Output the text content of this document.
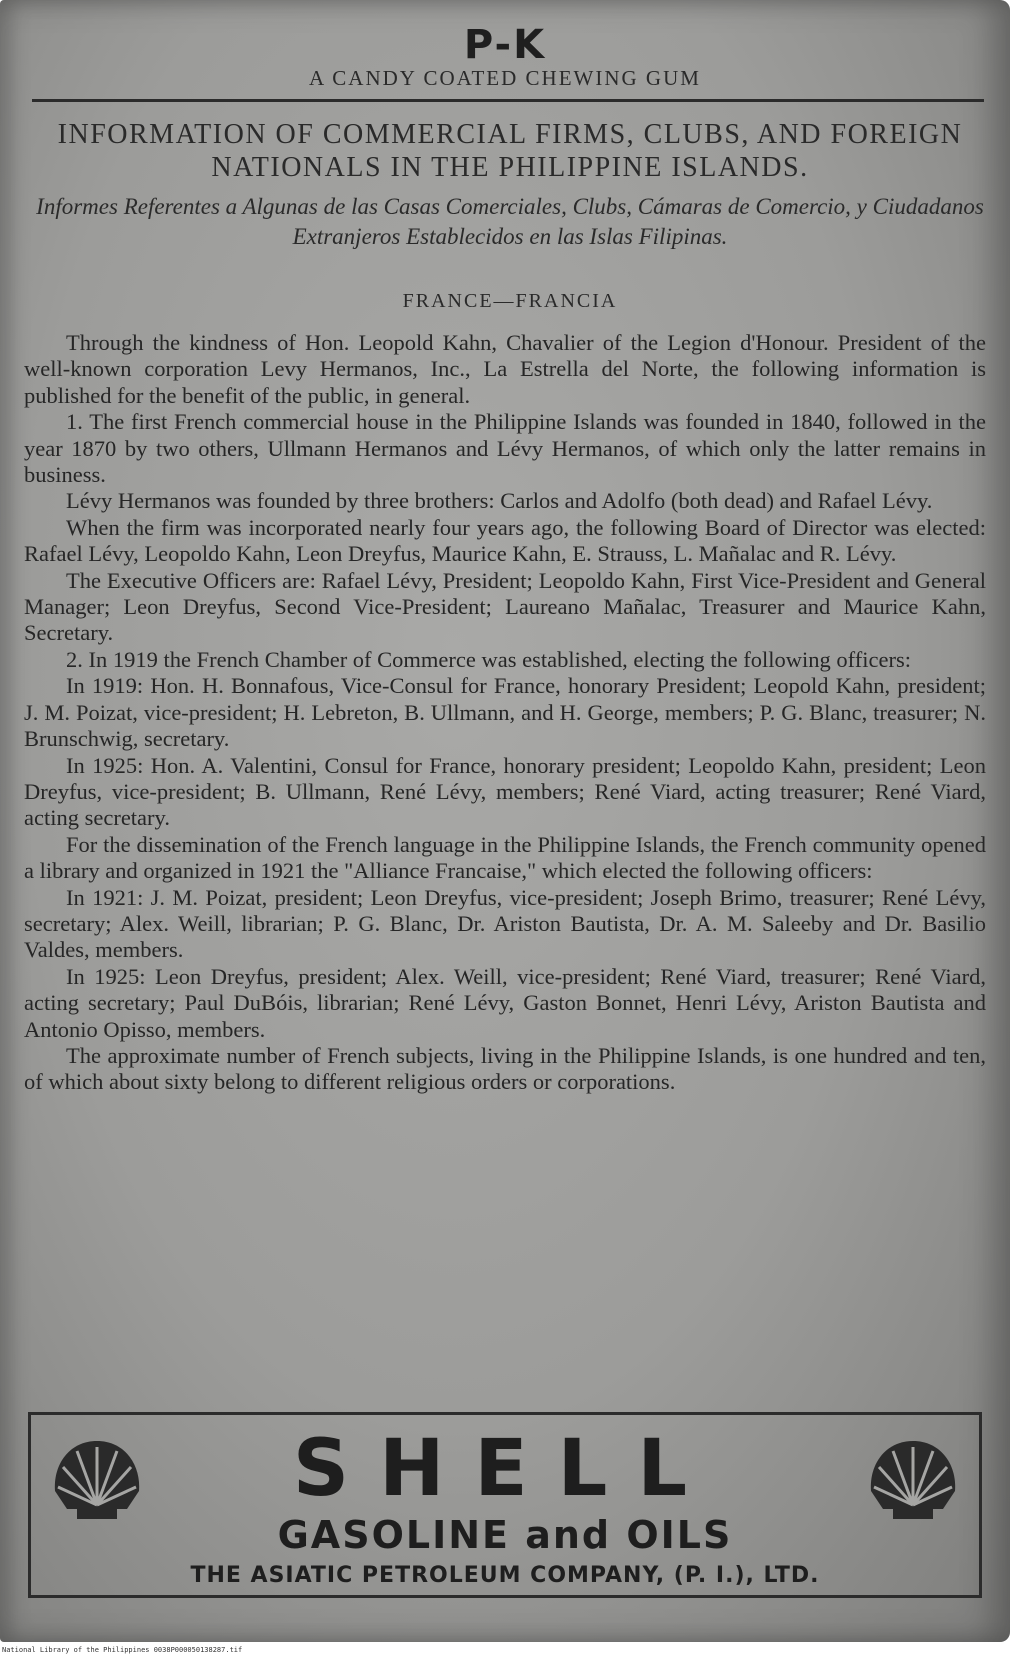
P-K
A CANDY COATED CHEWING GUM
INFORMATION OF COMMERCIAL FIRMS, CLUBS, AND FOREIGN NATIONALS IN THE PHILIPPINE ISLANDS.
Informes Referentes a Algunas de las Casas Comerciales, Clubs, Cámaras de Comercio, y Ciudadanos Extranjeros Establecidos en las Islas Filipinas.
FRANCE—FRANCIA

Through the kindness of Hon. Leopold Kahn, Chavalier of the Legion d'Honour. President of the well-known corporation Levy Hermanos, Inc., La Estrella del Norte, the following information is published for the benefit of the public, in general.

1. The first French commercial house in the Philippine Islands was founded in 1840, followed in the year 1870 by two others, Ullmann Hermanos and Lévy Hermanos, of which only the latter remains in business.

Lévy Hermanos was founded by three brothers: Carlos and Adolfo (both dead) and Rafael Lévy.

When the firm was incorporated nearly four years ago, the following Board of Director was elected: Rafael Lévy, Leopoldo Kahn, Leon Dreyfus, Maurice Kahn, E. Strauss, L. Mañalac and R. Lévy.

The Executive Officers are: Rafael Lévy, President; Leopoldo Kahn, First Vice-President and General Manager; Leon Dreyfus, Second Vice-President; Laureano Mañalac, Treasurer and Maurice Kahn, Secretary.

2. In 1919 the French Chamber of Commerce was established, electing the following officers:

In 1919: Hon. H. Bonnafous, Vice-Consul for France, honorary President; Leopold Kahn, president; J. M. Poizat, vice-president; H. Lebreton, B. Ullmann, and H. George, members; P. G. Blanc, treasurer; N. Brunschwig, secretary.

In 1925: Hon. A. Valentini, Consul for France, honorary president; Leopoldo Kahn, president; Leon Dreyfus, vice-president; B. Ullmann, René Lévy, members; René Viard, acting treasurer; René Viard, acting secretary.

For the dissemination of the French language in the Philippine Islands, the French community opened a library and organized in 1921 the "Alliance Francaise," which elected the following officers:

In 1921: J. M. Poizat, president; Leon Dreyfus, vice-president; Joseph Brimo, treasurer; René Lévy, secretary; Alex. Weill, librarian; P. G. Blanc, Dr. Ariston Bautista, Dr. A. M. Saleeby and Dr. Basilio Valdes, members.

In 1925: Leon Dreyfus, president; Alex. Weill, vice-president; René Viard, treasurer; René Viard, acting secretary; Paul DuBóis, librarian; René Lévy, Gaston Bonnet, Henri Lévy, Ariston Bautista and Antonio Opisso, members.

The approximate number of French subjects, living in the Philippine Islands, is one hundred and ten, of which about sixty belong to different religious orders or corporations.

SHELL
GASOLINE and OILS
THE ASIATIC PETROLEUM COMPANY, (P. I.), LTD.
National Library of the Philippines 0038P000050138287.tif
